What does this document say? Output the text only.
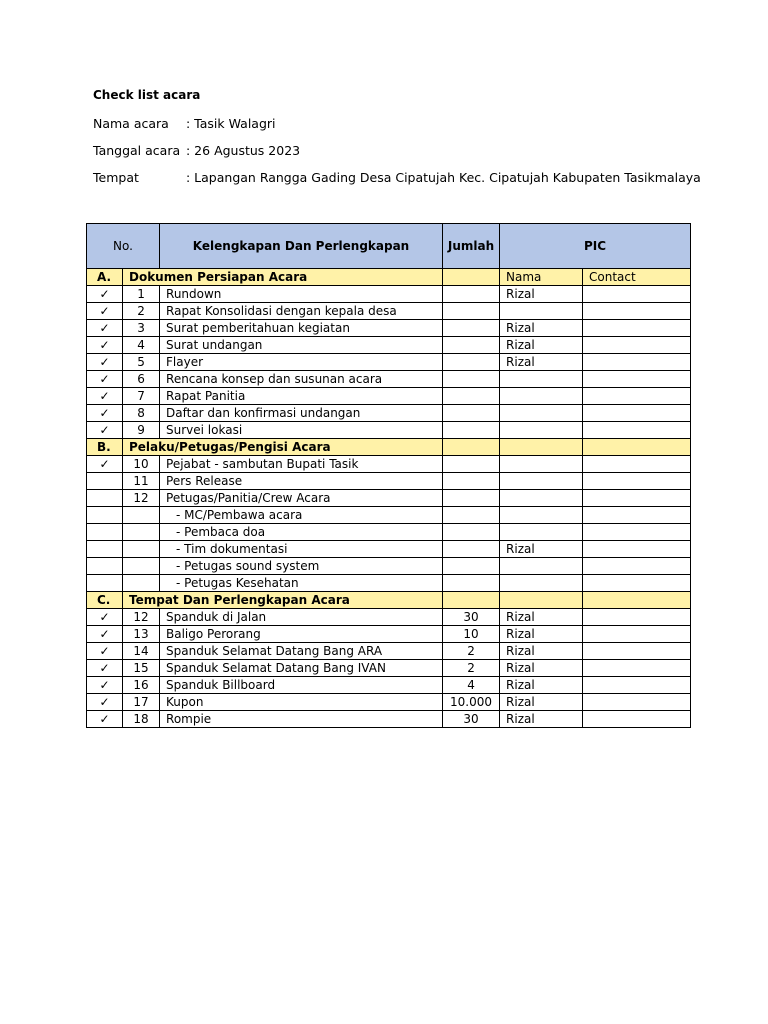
Check list acara
Nama acara : Tasik Walagri
Tanggal acara : 26 Agustus 2023
Tempat	: Lapangan Rangga Gading Desa Cipatujah Kec. Cipatujah Kabupaten Tasikmalaya
No.		Kelengkapan Dan Perlengkapan	Jumlah	PIC	
A.	Dokumen Persiapan Acara			Nama	Contact
✓	1	Rundown		Rizal	
✓	2	Rapat Konsolidasi dengan kepala desa			
✓	3	Surat pemberitahuan kegiatan		Rizal	
✓	4	Surat undangan		Rizal	
✓	5	Flayer		Rizal	
✓	6	Rencana konsep dan susunan acara			
✓	7	Rapat Panitia			
✓	8	Daftar dan konfirmasi undangan			
✓	9	Survei lokasi			
B.	Pelaku/Petugas/Pengisi Acara				
✓	10	Pejabat - sambutan Bupati Tasik			
	11	Pers Release			
	12	Petugas/Panitia/Crew Acara			
		- MC/Pembawa acara			
		- Pembaca doa			
		- Tim dokumentasi		Rizal	
		- Petugas sound system			
		- Petugas Kesehatan			
C.	Tempat Dan Perlengkapan Acara				
✓	12	Spanduk di Jalan	30	Rizal	
✓	13	Baligo Perorang	10	Rizal	
✓	14	Spanduk Selamat Datang Bang ARA	2	Rizal	
✓	15	Spanduk Selamat Datang Bang IVAN	2	Rizal	
✓	16	Spanduk Billboard	4	Rizal	
✓	17	Kupon	10.000	Rizal	
✓	18	Rompie	30	Rizal	
